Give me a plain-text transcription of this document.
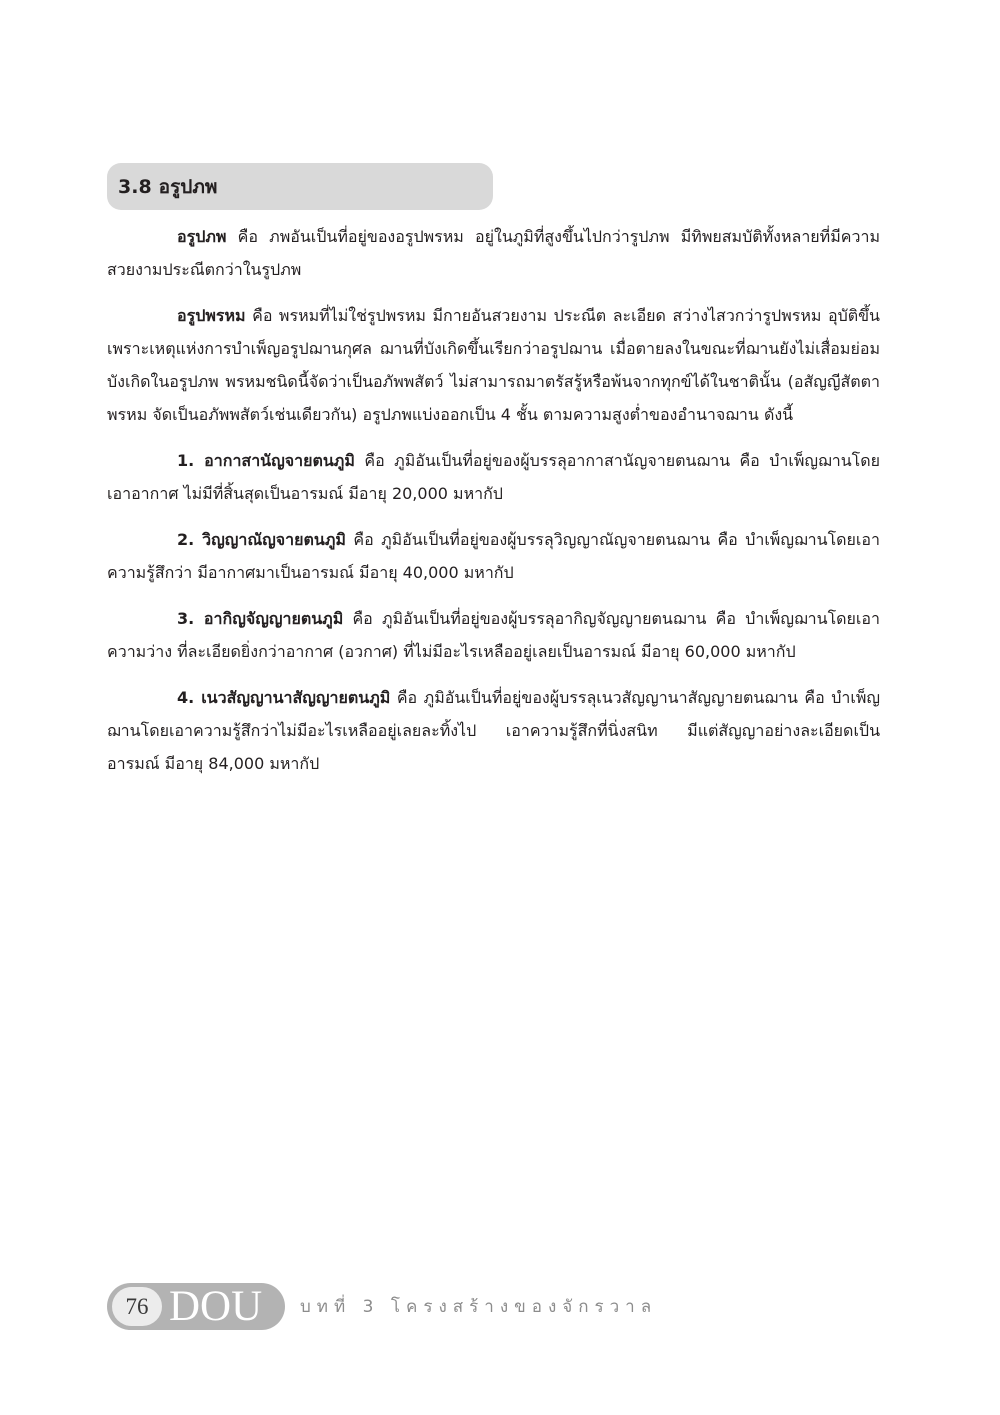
3.8 อรูปภพ

อรูปภพ คือ ภพอันเป็นที่อยู่ของอรูปพรหม อยู่ในภูมิที่สูงขึ้นไปกว่ารูปภพ มีทิพยสมบัติทั้งหลายที่มีความสวยงามประณีตกว่าในรูปภพ

อรูปพรหม คือ พรหมที่ไม่ใช่รูปพรหม มีกายอันสวยงาม ประณีต ละเอียด สว่างไสวกว่ารูปพรหม อุบัติขึ้นเพราะเหตุแห่งการบำเพ็ญอรูปฌานกุศล ฌานที่บังเกิดขึ้นเรียกว่าอรูปฌาน เมื่อตายลงในขณะที่ฌานยังไม่เสื่อมย่อมบังเกิดในอรูปภพ พรหมชนิดนี้จัดว่าเป็นอภัพพสัตว์ ไม่สามารถมาตรัสรู้หรือพ้นจากทุกข์ได้ในชาตินั้น (อสัญญีสัตตาพรหม จัดเป็นอภัพพสัตว์เช่นเดียวกัน) อรูปภพแบ่งออกเป็น 4 ชั้น ตามความสูงต่ำของอำนาจฌาน ดังนี้

1. อากาสานัญจายตนภูมิ คือ ภูมิอันเป็นที่อยู่ของผู้บรรลุอากาสานัญจายตนฌาน คือ บำเพ็ญฌานโดยเอาอากาศ ไม่มีที่สิ้นสุดเป็นอารมณ์ มีอายุ 20,000 มหากัป

2. วิญญาณัญจายตนภูมิ คือ ภูมิอันเป็นที่อยู่ของผู้บรรลุวิญญาณัญจายตนฌาน คือ บำเพ็ญฌานโดยเอาความรู้สึกว่า มีอากาศมาเป็นอารมณ์ มีอายุ 40,000 มหากัป

3. อากิญจัญญายตนภูมิ คือ ภูมิอันเป็นที่อยู่ของผู้บรรลุอากิญจัญญายตนฌาน คือ บำเพ็ญฌานโดยเอาความว่าง ที่ละเอียดยิ่งกว่าอากาศ (อวกาศ) ที่ไม่มีอะไรเหลืออยู่เลยเป็นอารมณ์ มีอายุ 60,000 มหากัป

4. เนวสัญญานาสัญญายตนภูมิ คือ ภูมิอันเป็นที่อยู่ของผู้บรรลุเนวสัญญานาสัญญายตนฌาน คือ บำเพ็ญฌานโดยเอาความรู้สึกว่าไม่มีอะไรเหลืออยู่เลยละทิ้งไป เอาความรู้สึกที่นิ่งสนิท มีแต่สัญญาอย่างละเอียดเป็นอารมณ์ มีอายุ 84,000 มหากัป

76 DOU บทที่ 3 โครงสร้างของจักรวาล
